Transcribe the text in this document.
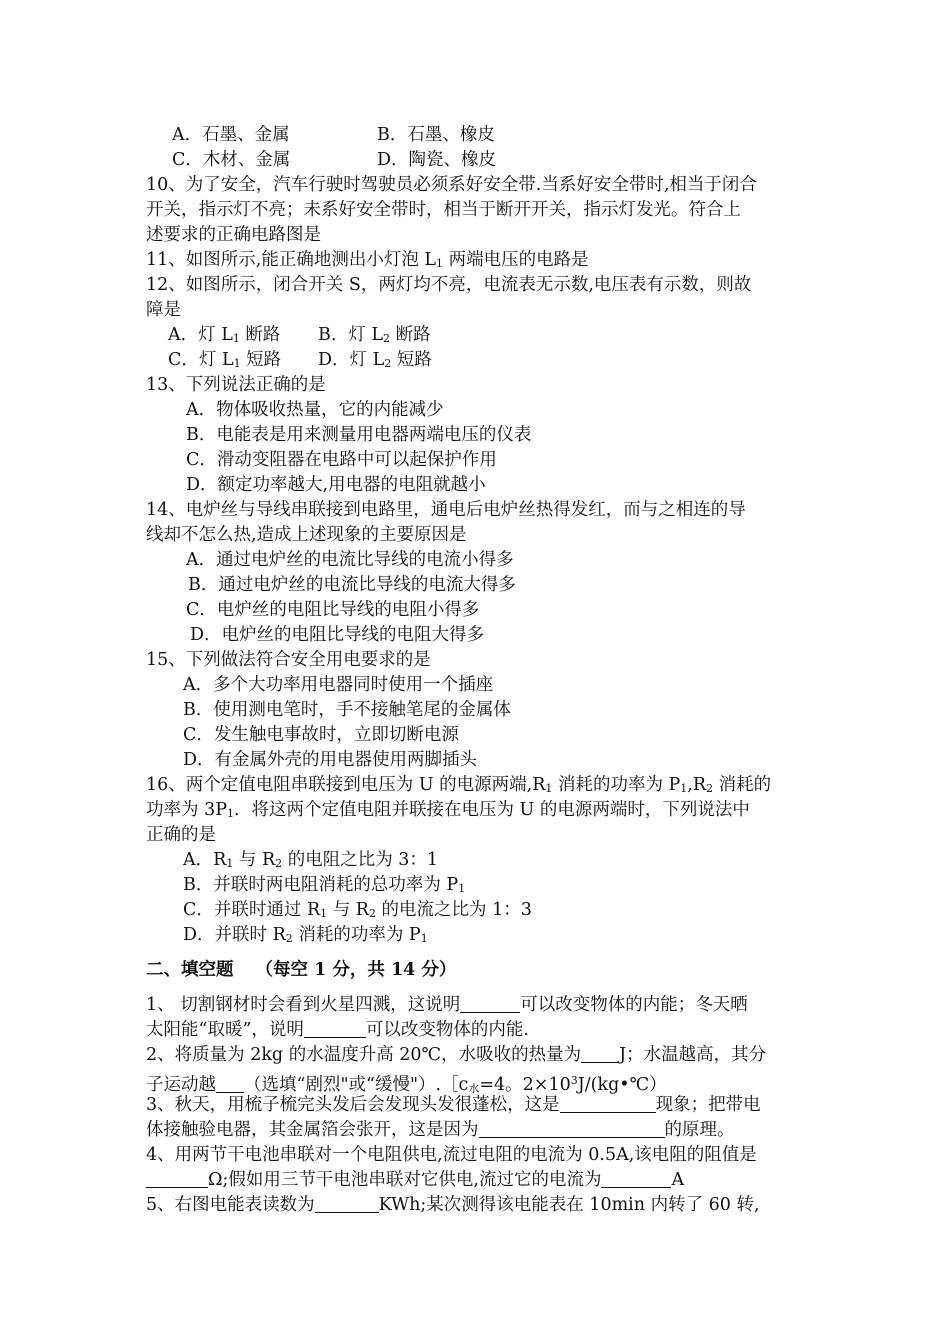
A．石墨、金属	B．石墨、橡皮
C．木材、金属	D．陶瓷、橡皮
10、为了安全，汽车行驶时驾驶员必须系好安全带.当系好安全带时,相当于闭合
开关，指示灯不亮；未系好安全带时，相当于断开开关，指示灯发光。符合上
述要求的正确电路图是
11、如图所示,能正确地测出小灯泡 L1 两端电压的电路是
12、如图所示，闭合开关 S，两灯均不亮，电流表无示数,电压表有示数，则故
障是
A．灯 L1 断路 B．灯 L2 断路
C．灯 L1 短路 D．灯 L2 短路
13、下列说法正确的是
A．物体吸收热量，它的内能减少
B．电能表是用来测量用电器两端电压的仪表
C．滑动变阻器在电路中可以起保护作用
D．额定功率越大,用电器的电阻就越小
14、电炉丝与导线串联接到电路里，通电后电炉丝热得发红，而与之相连的导
线却不怎么热,造成上述现象的主要原因是
A．通过电炉丝的电流比导线的电流小得多
B．通过电炉丝的电流比导线的电流大得多
C．电炉丝的电阻比导线的电阻小得多
D．电炉丝的电阻比导线的电阻大得多
15、下列做法符合安全用电要求的是
A．多个大功率用电器同时使用一个插座
B．使用测电笔时，手不接触笔尾的金属体
C．发生触电事故时，立即切断电源
D．有金属外壳的用电器使用两脚插头
16、两个定值电阻串联接到电压为 U 的电源两端,R1 消耗的功率为 P1,R2 消耗的
功率为 3P1．将这两个定值电阻并联接在电压为 U 的电源两端时，下列说法中
正确的是
A．R1 与 R2 的电阻之比为 3：1
B．并联时两电阻消耗的总功率为 P1
C．并联时通过 R1 与 R2 的电流之比为 1：3
D．并联时 R2 消耗的功率为 P1
二、填空题 （每空 1 分，共 14 分）
1、 切割钢材时会看到火星四溅，这说明	可以改变物体的内能；冬天晒
太阳能“取暖”，说明	可以改变物体的内能.
2、将质量为 2kg 的水温度升高 20℃，水吸收的热量为 J；水温越高，其分
子运动越 （选填“剧烈"或“缓慢"）.［c水=4。$2\times 10^3J/(kg•℃)$
3、秋天，用梳子梳完头发后会发现头发很蓬松，这是	现象；把带电
体接触验电器，其金属箔会张开，这是因为	的原理。
4、用两节干电池串联对一个电阻供电,流过电阻的电流为 0.5A,该电阻的阻值是
Ω;假如用三节干电池串联对它供电,流过它的电流为	A
5、右图电能表读数为	KWh;某次测得该电能表在 10min 内转了 60 转,
